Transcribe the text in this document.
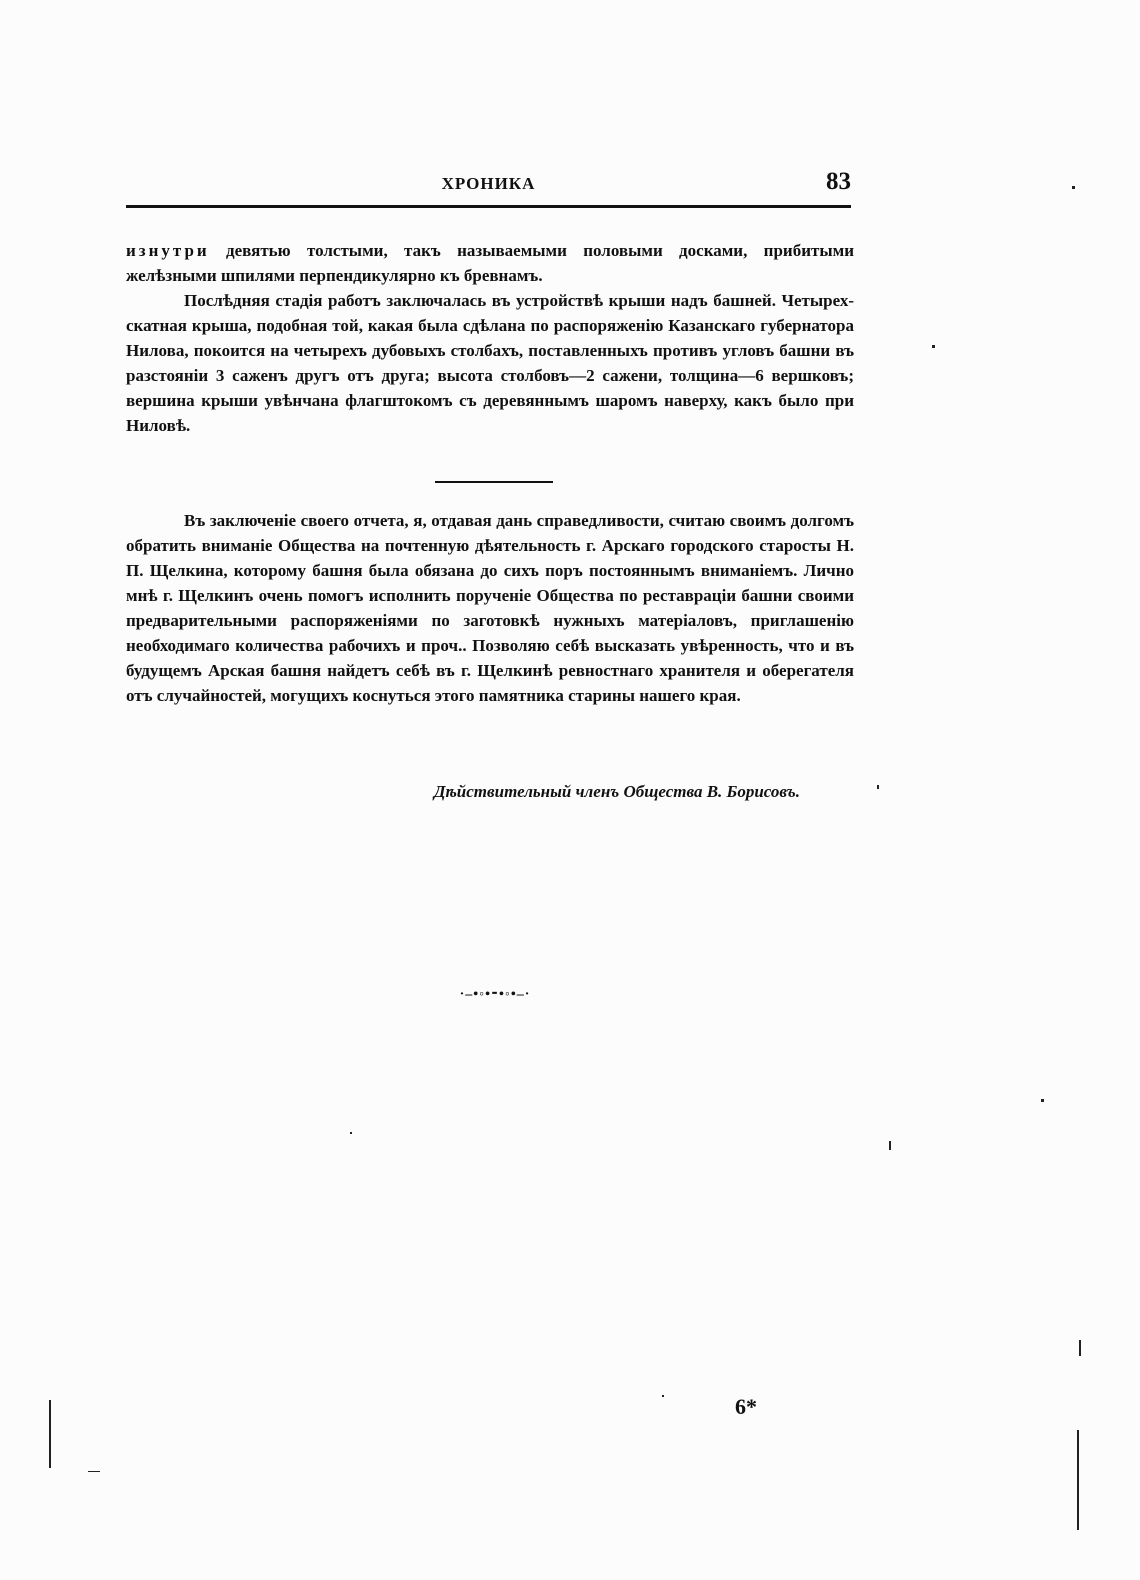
ХРОНИКА	83

изнутри девятью толстыми, такъ называемыми половыми досками, прибитыми желѣзными шпилями перпендикулярно къ бревнамъ.

Послѣдняя стадія работъ заключалась въ устройствѣ крыши надъ башней. Четырех-скатная крыша, подобная той, какая была сдѣлана по распоряженію Казанскаго губернатора Нилова, покоится на четырехъ дубовыхъ столбахъ, поставленныхъ противъ угловъ башни въ разстояніи 3 саженъ другъ отъ друга; высота столбовъ—2 сажени, толщина—6 вершковъ; вершина крыши увѣнчана флагштокомъ съ деревяннымъ шаромъ наверху, какъ было при Ниловѣ.

Въ заключеніе своего отчета, я, отдавая дань справедливости, считаю своимъ долгомъ обратить вниманіе Общества на почтенную дѣятельность г. Арскаго городского старосты Н. П. Щелкина, которому башня была обязана до сихъ поръ постояннымъ вниманіемъ. Лично мнѣ г. Щелкинъ очень помогъ исполнить порученіе Общества по реставраціи башни своими предварительными распоряженіями по заготовкѣ нужныхъ матеріаловъ, приглашенію необходимаго количества рабочихъ и проч.. Позволяю себѣ высказать увѣренность, что и въ будущемъ Арская башня найдетъ себѣ въ г. Щелкинѣ ревностнаго хранителя и оберегателя отъ случайностей, могущихъ коснуться этого памятника старины нашего края.

Дѣйствительный членъ Общества В. Борисовъ.
·–•◦•⁃•◦•–·
6*
